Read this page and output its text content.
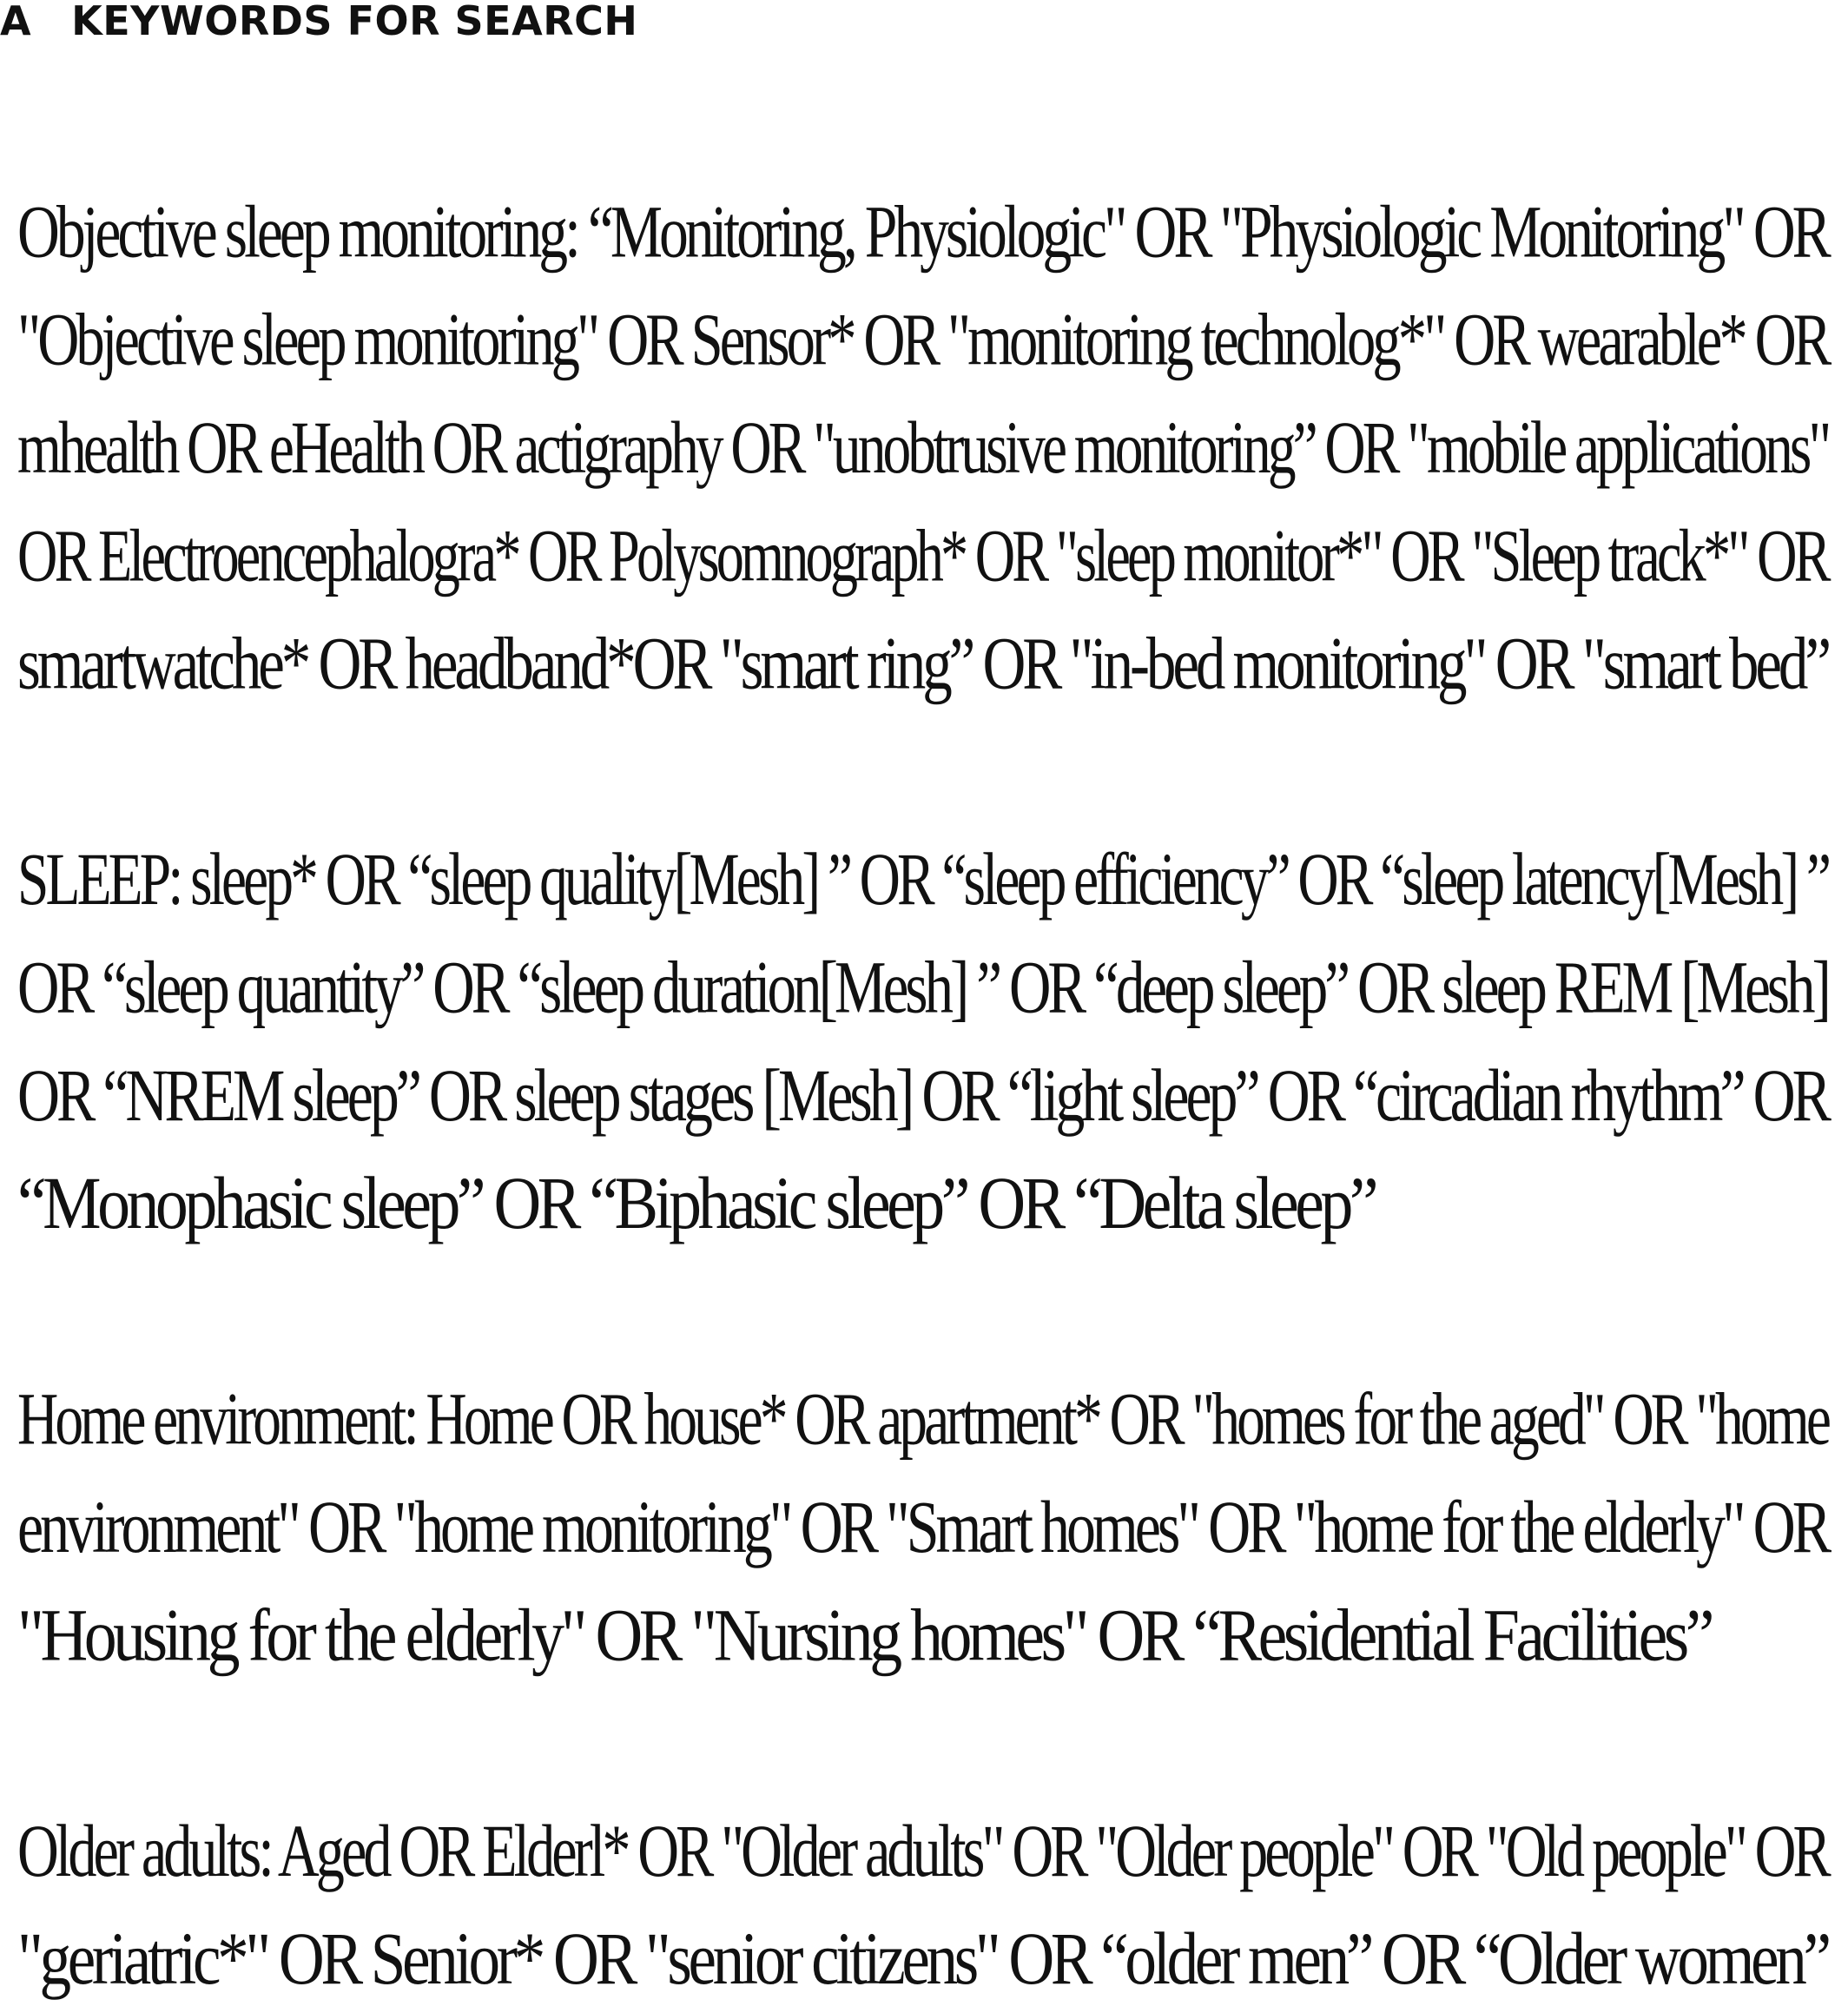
A KEYWORDS FOR SEARCH

Objective sleep monitoring: “Monitoring, Physiologic" OR "Physiologic Monitoring" OR
"Objective sleep monitoring" OR Sensor* OR "monitoring technolog*" OR wearable* OR
mhealth OR eHealth OR actigraphy OR "unobtrusive monitoring” OR "mobile applications"
OR Electroencephalogra* OR Polysomnograph* OR "sleep monitor*" OR "Sleep track*" OR
smartwatche* OR headband*OR "smart ring” OR "in-bed monitoring" OR "smart bed”

SLEEP: sleep* OR “sleep quality[Mesh] ” OR “sleep efficiency” OR “sleep latency[Mesh] ”
OR “sleep quantity” OR “sleep duration[Mesh] ” OR “deep sleep” OR sleep REM [Mesh]
OR “NREM sleep” OR sleep stages [Mesh] OR “light sleep” OR “circadian rhythm” OR
“Monophasic sleep” OR “Biphasic sleep” OR “Delta sleep”

Home environment: Home OR house* OR apartment* OR "homes for the aged" OR "home
environment" OR "home monitoring" OR "Smart homes" OR "home for the elderly" OR
"Housing for the elderly" OR "Nursing homes" OR “Residential Facilities”

Older adults: Aged OR Elderl* OR "Older adults" OR "Older people" OR "Old people" OR
"geriatric*" OR Senior* OR "senior citizens" OR “older men” OR “Older women”
